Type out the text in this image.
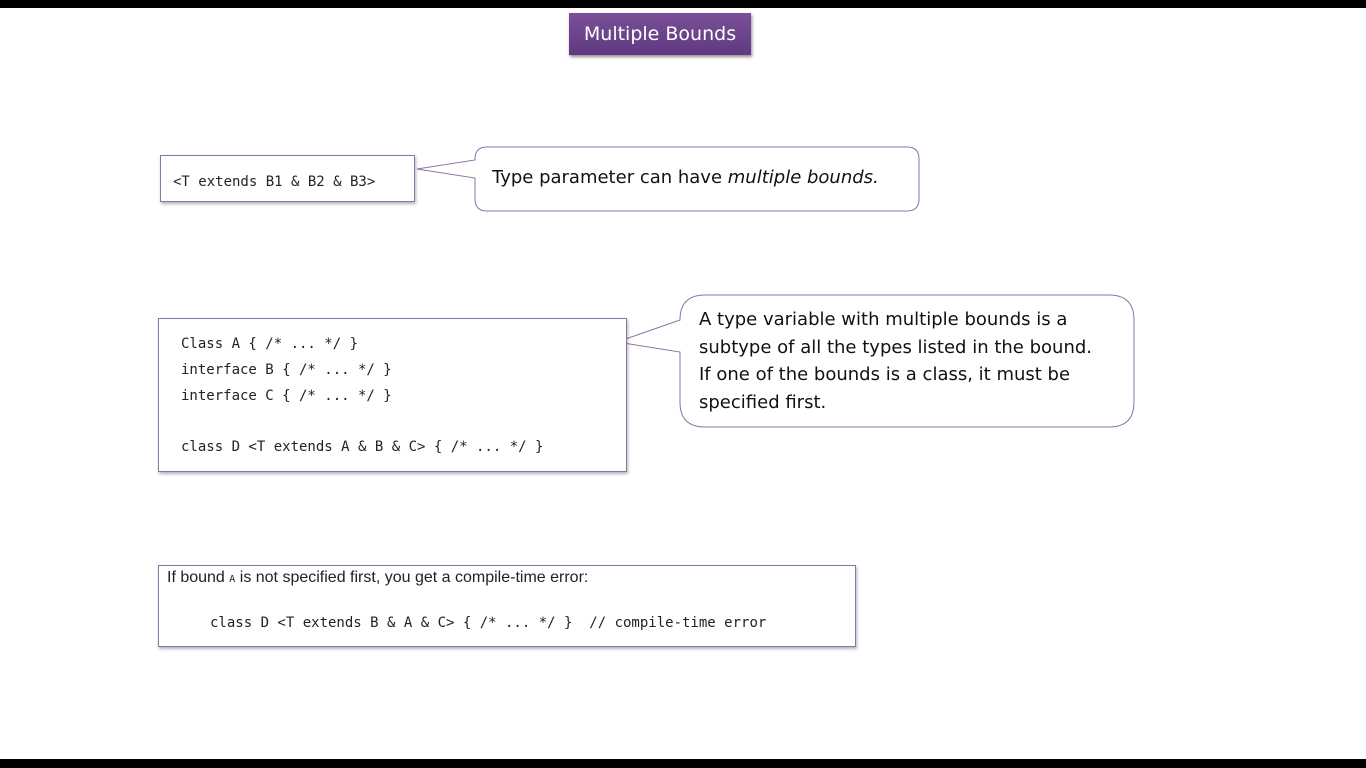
Multiple Bounds
<T extends B1 & B2 & B3>	Type parameter can have multiple bounds.
Class A { /* ... */ }
interface B { /* ... */ }
interface C { /* ... */ }
class D <T extends A & B & C> { /* ... */ }
A type variable with multiple bounds is a
subtype of all the types listed in the bound.
If one of the bounds is a class, it must be
specified first.
If bound A is not specified first, you get a compile-time error:
class D <T extends B & A & C> { /* ... */ }  // compile-time error
